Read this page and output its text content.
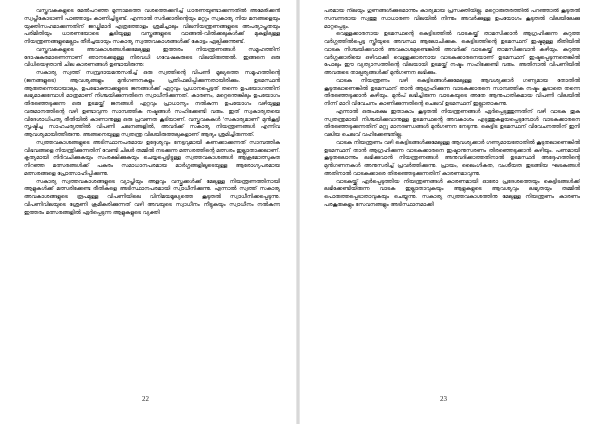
വസ്ത്രവകകളുടെ മേൽപറഞ്ഞ മൂന്നാമത്തെ വശത്തെക്കുറിച്ച് ധാരണയുണ്ടാക്കുന്നതിൽ അമേരിക്കൻ സ്വപ്നീകോടാണി പാഞ്ഞാട്ടം കാണിച്ചിട്ടുണ്ട്. എന്നാൽ സർക്കാരിന്റെയും മറ്റും സ്വകാര്യ നിയ മനങ്ങളെയും യുക്തിസഹമാക്കുന്നതിന് ജഡ്ജിമാർ എത്രത്തോളം ശ്രമിച്ചാലും വിലനിയന്ത്രണങ്ങളുടെ അപര്യാപ്തതയും പരിമിതിയും ധാരണയോടെ കൂടിയുള്ള വസ്ത്രങ്ങളുടെ വാങ്ങൽ-വിൽക്കലുകൾക്ക് മുകളിലുള്ള നിയന്ത്രണങ്ങളുമെല്ലാം തീർച്ചയായും സകാര്യ സ്വത്തവകാശങ്ങൾക്ക് കോട്ടം ഏല്പിക്കുന്നുണ്ട്.

വസ്ത്രവകകളുടെ അവകാശങ്ങൾക്കുമേലുള്ള ഇത്തരം നിയന്ത്രണങ്ങൾ സമൂഹത്തിന് ദോഷകരമാണെന്നാണ് ഞാനടക്കമുള്ള നിരവധി ഗവേഷകരുടെ വിലയിരുത്തൽ. ഇങ്ങനെ ഒരു വിധിയെഴുതാൻ ചില കാരണങ്ങൾ ഉണ്ടായിരുന്നു:

സകാര്യ സ്വത്ത് സമ്പ്രദായമനുസരിച്ച് ഒരു സ്വത്തിന്റെ വിപണി മൂല്യത്തെ സമൂഹത്തിന്റെ (ജനങ്ങളുടെ) ആവശ്യങ്ങളും മുൻഗണനകളും പ്രതിഫലിപ്പിക്കുന്നതായിരിക്കും. ഉടമസ്ഥൻ ആരുതന്നെയായാലും, ഉപഭോക്താക്കളുടെ ജനങ്ങൾക്ക് ഏറ്റവും പ്രധാനപ്പെട്ടത് തന്നെ ഉപയോഗത്തിന് ലഭ്യമാക്കുമ്പോൾ മാത്രമാണ് നിശ്ചയിക്കുന്നതിനെ സ്വാധീനിക്കുന്നത്. കാരണം, മറ്റെന്തെങ്കിലും ഉപയോഗം തിരഞ്ഞെടുക്കുന്ന ഒരു ഉടമയ്ക്ക് ജനങ്ങൾ ഏറ്റവും പ്രാധാന്യം നൽകുന്ന ഉപയോഗം വഴിയുള്ള വരുമാനത്തിന്റെ വഴി ഉണ്ടാവുന്ന സാമ്പത്തിക നഷ്ടങ്ങൾ സഹിക്കേണ്ടി വരും. ഇത് സ്വകാര്യതയെ വിദേശാധിപത്യ രീതിയിൽ കാണാനുള്ള ഒരു പ്രവണത കൂടിയാണ്. വസ്തുവകകൾ 'സകാര്യമാണ്' മുൻകൂട്ടി സൃഷ്ടിച്ച സാഹചര്യത്തിൽ വിപണി ചലനങ്ങളിൽ, അവർക്ക് സകാര്യ നിയന്ത്രണങ്ങൾ എന്നിവ ആവശ്യമായിത്തീരുന്നു. അങ്ങനെയുള്ള സ്വതന്ത്ര വിലയിരുത്തലുകളാണ് ആദ്യം ശ്രമിച്ചിരുന്നത്.

സ്വത്തവകാശങ്ങളുടെ അടിസ്ഥാനപരമായ ഉദ്ദേശ്യവും നേട്ടവുമായി കണക്കാക്കുന്നത് സാമ്പത്തിക വിഭവങ്ങളെ നിയന്ത്രിക്കുന്നതിന് വേണ്ടി ചിലർ തമ്മിൽ നടക്കുന്ന മത്സരത്തിന്റെ മത്സരം ഇല്ലാതാക്കലാണ്. കൃത്യമായി നിർവചിക്കുകയും സംരക്ഷിക്കുകയും ചെയ്യപ്പെട്ടിട്ടുള്ള സ്വത്തവകാശങ്ങൾ ആക്രമോത്സുകത നിറഞ്ഞ മത്സരങ്ങൾക്ക് പകരം സമാധാനപരമായ മാർഗ്ഗങ്ങളിലൂടെയുള്ള ആരോഗ്യപരമായ മത്സരങ്ങളെ പ്രോത്സാഹിപ്പിക്കുന്നു.

സകാര്യ സ്വത്തവകാശങ്ങളുടെ വ്യാപ്തിയും അളവും വസ്തുക്കൾക്ക് മേലുള്ള നിയന്ത്രണത്തിനായി ആളുകൾക്ക് മത്സരിക്കേണ്ട രീതികളെ അടിസ്ഥാനപരമായി സ്വാധീനിക്കുന്നു. എന്നാൽ സ്വത്ത് സകാര്യ അവകാശങ്ങളുടെ രൂപമുള്ള വിപണിയിലെ വിനിമയമൂല്യത്തെ കൂടുതൽ സ്വാധീനിക്കപ്പെടുന്നു. വിപണിവിലയുടെ ശ്രേണി ക്രമീകരിക്കുന്നത് വഴി അവയുടെ സ്വാധീനം നീട്ടുകയും സ്വാധീനം നൽകുന്ന ഇത്തരം മത്സരങ്ങളിൽ ഏർപ്പെടുന്ന ആളുകളുടെ വ്യക്തി

22

പരമായ നിലയും ഗുണങ്ങൾക്കുമൊന്നും കാര്യമായ പ്രസക്തിയില്ല. മറ്റൊരുതരത്തിൽ പറഞ്ഞാൽ കൂടുതൽ സമ്പന്നരായ സ്വത്തു സാധാരണ വിലയിൽ നിന്നും അവർക്കുള്ള ഉപയോഗം കൂടുതൽ വിലയിലേക്കു മാറ്റപ്പെടും.

വെള്ളക്കാരനായ ഉടമസ്ഥന്റെ കെട്ടിടത്തിൽ വാടകയ്ക്ക് താമസിക്കാൻ ആഗ്രഹിക്കുന്ന കറുത്ത വർഗ്ഗത്തിൽപ്പെട്ട സ്ത്രീയുടെ അവസ്ഥ ആലോചിക്കുക. കെട്ടിടത്തിന്റെ ഉടമസ്ഥന് ഇഷ്ടമുള്ള രീതിയിൽ വാടക നിശ്ചയിക്കുവാൻ അവകാശമുണ്ടെങ്കിൽ അവർക്ക് വാടകയ്ക്ക് താമസിക്കുവാൻ കഴിയും. കറുത്ത വർഗ്ഗക്കാരിയെ ഒഴിവാക്കി വെള്ളക്കാരനായ വാടകക്കാരനെയാണ് ഉടമസ്ഥന് ഇഷ്ടപ്പെടുന്നതെങ്കിൽ പോലും ഈ വ്യത്യാസത്തിന്റെ വിലയായി ഉടമയ്ക്ക് നഷ്ടം സഹിക്കേണ്ടി വരും. അതിനാൽ വിപണിയിൽ അവരുടെ താല്പര്യങ്ങൾക്ക് മുൻഗണന ലഭിക്കും.

വാടക നിയന്ത്രണം വഴി കെട്ടിടങ്ങൾക്കുമേലുള്ള ആവശ്യക്കാർ ഗണ്യമായ തോതിൽ കൂടുതലാണെങ്കിൽ ഉടമസ്ഥന് താൻ ആഗ്രഹിക്കുന്ന വാടകക്കാരനെ സാമ്പത്തിക നഷ്ടം കൂടാതെ തന്നെ തിരഞ്ഞെടുക്കാൻ കഴിയും. മുൻപ് ലഭിച്ചിരുന്ന വാടകയുടെ അതേ ആനുപാതികമായ വിപണി വിലയിൽ നിന്ന് മാറി വിവേചനം കാണിക്കുന്നതിന്റെ ചെലവ് ഉടമസ്ഥന് ഇല്ലാതാകുന്നു.

എന്നാൽ ഒരുപക്ഷേ ഇതാകാം കൂടുതൽ നിയന്ത്രണങ്ങൾ ഏർപ്പെടുത്തുന്നതിന് വഴി വാടക തുക സ്വതന്ത്രമായി നിശ്ചയിക്കുവാനുള്ള ഉടമസ്ഥന്റെ അവകാശം എടുത്തുകളയപ്പെടുമ്പോൾ വാടകക്കാരനെ തിരഞ്ഞെടുക്കുന്നതിന് മറ്റു മാനദണ്ഡങ്ങൾ മുൻഗണന നേടുന്നു. കെട്ടിട ഉടമസ്ഥന് വിവേചനത്തിന് ഇനി വലിയ ചെലവ് വഹിക്കേണ്ടതില്ല.

വാടക നിയന്ത്രണം വഴി കെട്ടിടങ്ങൾക്കുമേലുള്ള ആവശ്യക്കാർ ഗണ്യമായതോതിൽ കൂടുതലാണെങ്കിൽ ഉടമസ്ഥന് താൻ ആഗ്രഹിക്കുന്ന വാടകക്കാരനെ ഇഷ്ടാനുസരണം തിരഞ്ഞെടുക്കാൻ കഴിയും. പണമായി കൂടുതലൊന്നും ലഭിക്കുവാൻ നിയന്ത്രണങ്ങൾ അനുവദിക്കാത്തതിനാൽ ഉടമസ്ഥർ അദ്ദേഹത്തിന്റെ മുൻഗണനകൾ അനുസരിച്ച് പ്രവർത്തിക്കുന്നു. പ്രായം, ലൈംഗികത, വംശീയത തുടങ്ങിയ ഘടകങ്ങൾ അതിനാൽ വാടകക്കാരെ തിരഞ്ഞെടുക്കുന്നതിന് കാരണമാവുന്നു.

വാടകയ്ക്ക് ഏർപ്പെടുത്തിയ നിയന്ത്രണങ്ങൾ കാരണമായി ഓരോ പ്രദേശത്തെയും കെട്ടിടങ്ങൾക്ക് ലഭിക്കേണ്ടിയിരുന്ന വാടക ഇല്ലാതാവുകയും ആളുകളുടെ ആവശ്യവും ലഭ്യതയും തമ്മിൽ പൊരുത്തപ്പെടാതാവുകയും ചെയ്യുന്നു. സകാര്യ സ്വത്തവകാശത്തിനു മേലുള്ള നിയന്ത്രണം കാരണം പരകൂരുകളും സേവനങ്ങളും അടിസ്ഥാനമാക്കി

23
